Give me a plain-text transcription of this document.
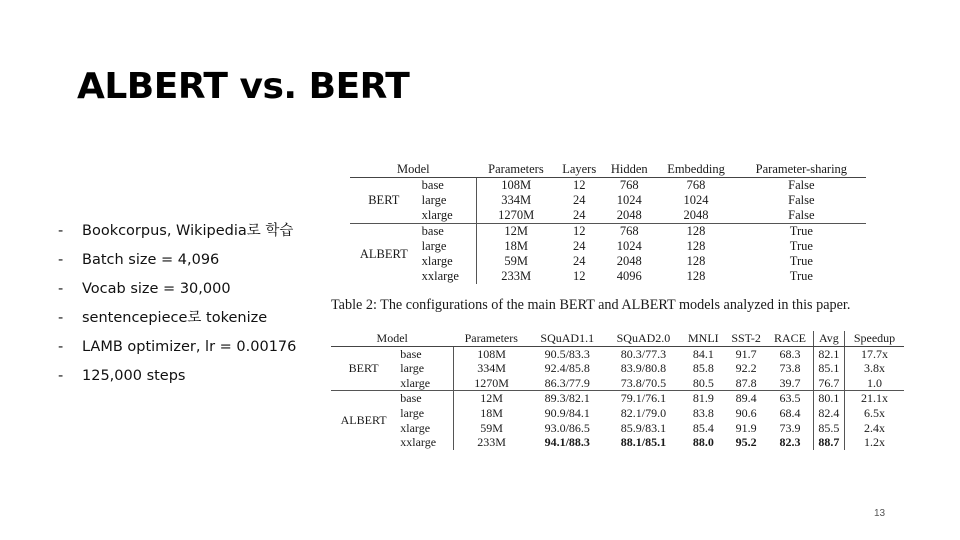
ALBERT vs. BERT
- Bookcorpus, Wikipedia로 학습
- Batch size = 4,096
- Vocab size = 30,000
- sentencepiece로 tokenize
- LAMB optimizer, lr = 0.00176
- 125,000 steps
Model		Parameters	Layers	Hidden	Embedding	Parameter-sharing
BERT	base	108M	12	768	768	False
	large	334M	24	1024	1024	False
	xlarge	1270M	24	2048	2048	False
ALBERT	base	12M	12	768	128	True
	large	18M	24	1024	128	True
	xlarge	59M	24	2048	128	True
	xxlarge	233M	12	4096	128	True
Table 2: The configurations of the main BERT and ALBERT models analyzed in this paper.
Model		Parameters	SQuAD1.1	SQuAD2.0	MNLI	SST-2	RACE	Avg	Speedup
BERT	base	108M	90.5/83.3	80.3/77.3	84.1	91.7	68.3	82.1	17.7x
	large	334M	92.4/85.8	83.9/80.8	85.8	92.2	73.8	85.1	3.8x
	xlarge	1270M	86.3/77.9	73.8/70.5	80.5	87.8	39.7	76.7	1.0
ALBERT	base	12M	89.3/82.1	79.1/76.1	81.9	89.4	63.5	80.1	21.1x
	large	18M	90.9/84.1	82.1/79.0	83.8	90.6	68.4	82.4	6.5x
	xlarge	59M	93.0/86.5	85.9/83.1	85.4	91.9	73.9	85.5	2.4x
	xxlarge	233M	94.1/88.3	88.1/85.1	88.0	95.2	82.3	88.7	1.2x
13
